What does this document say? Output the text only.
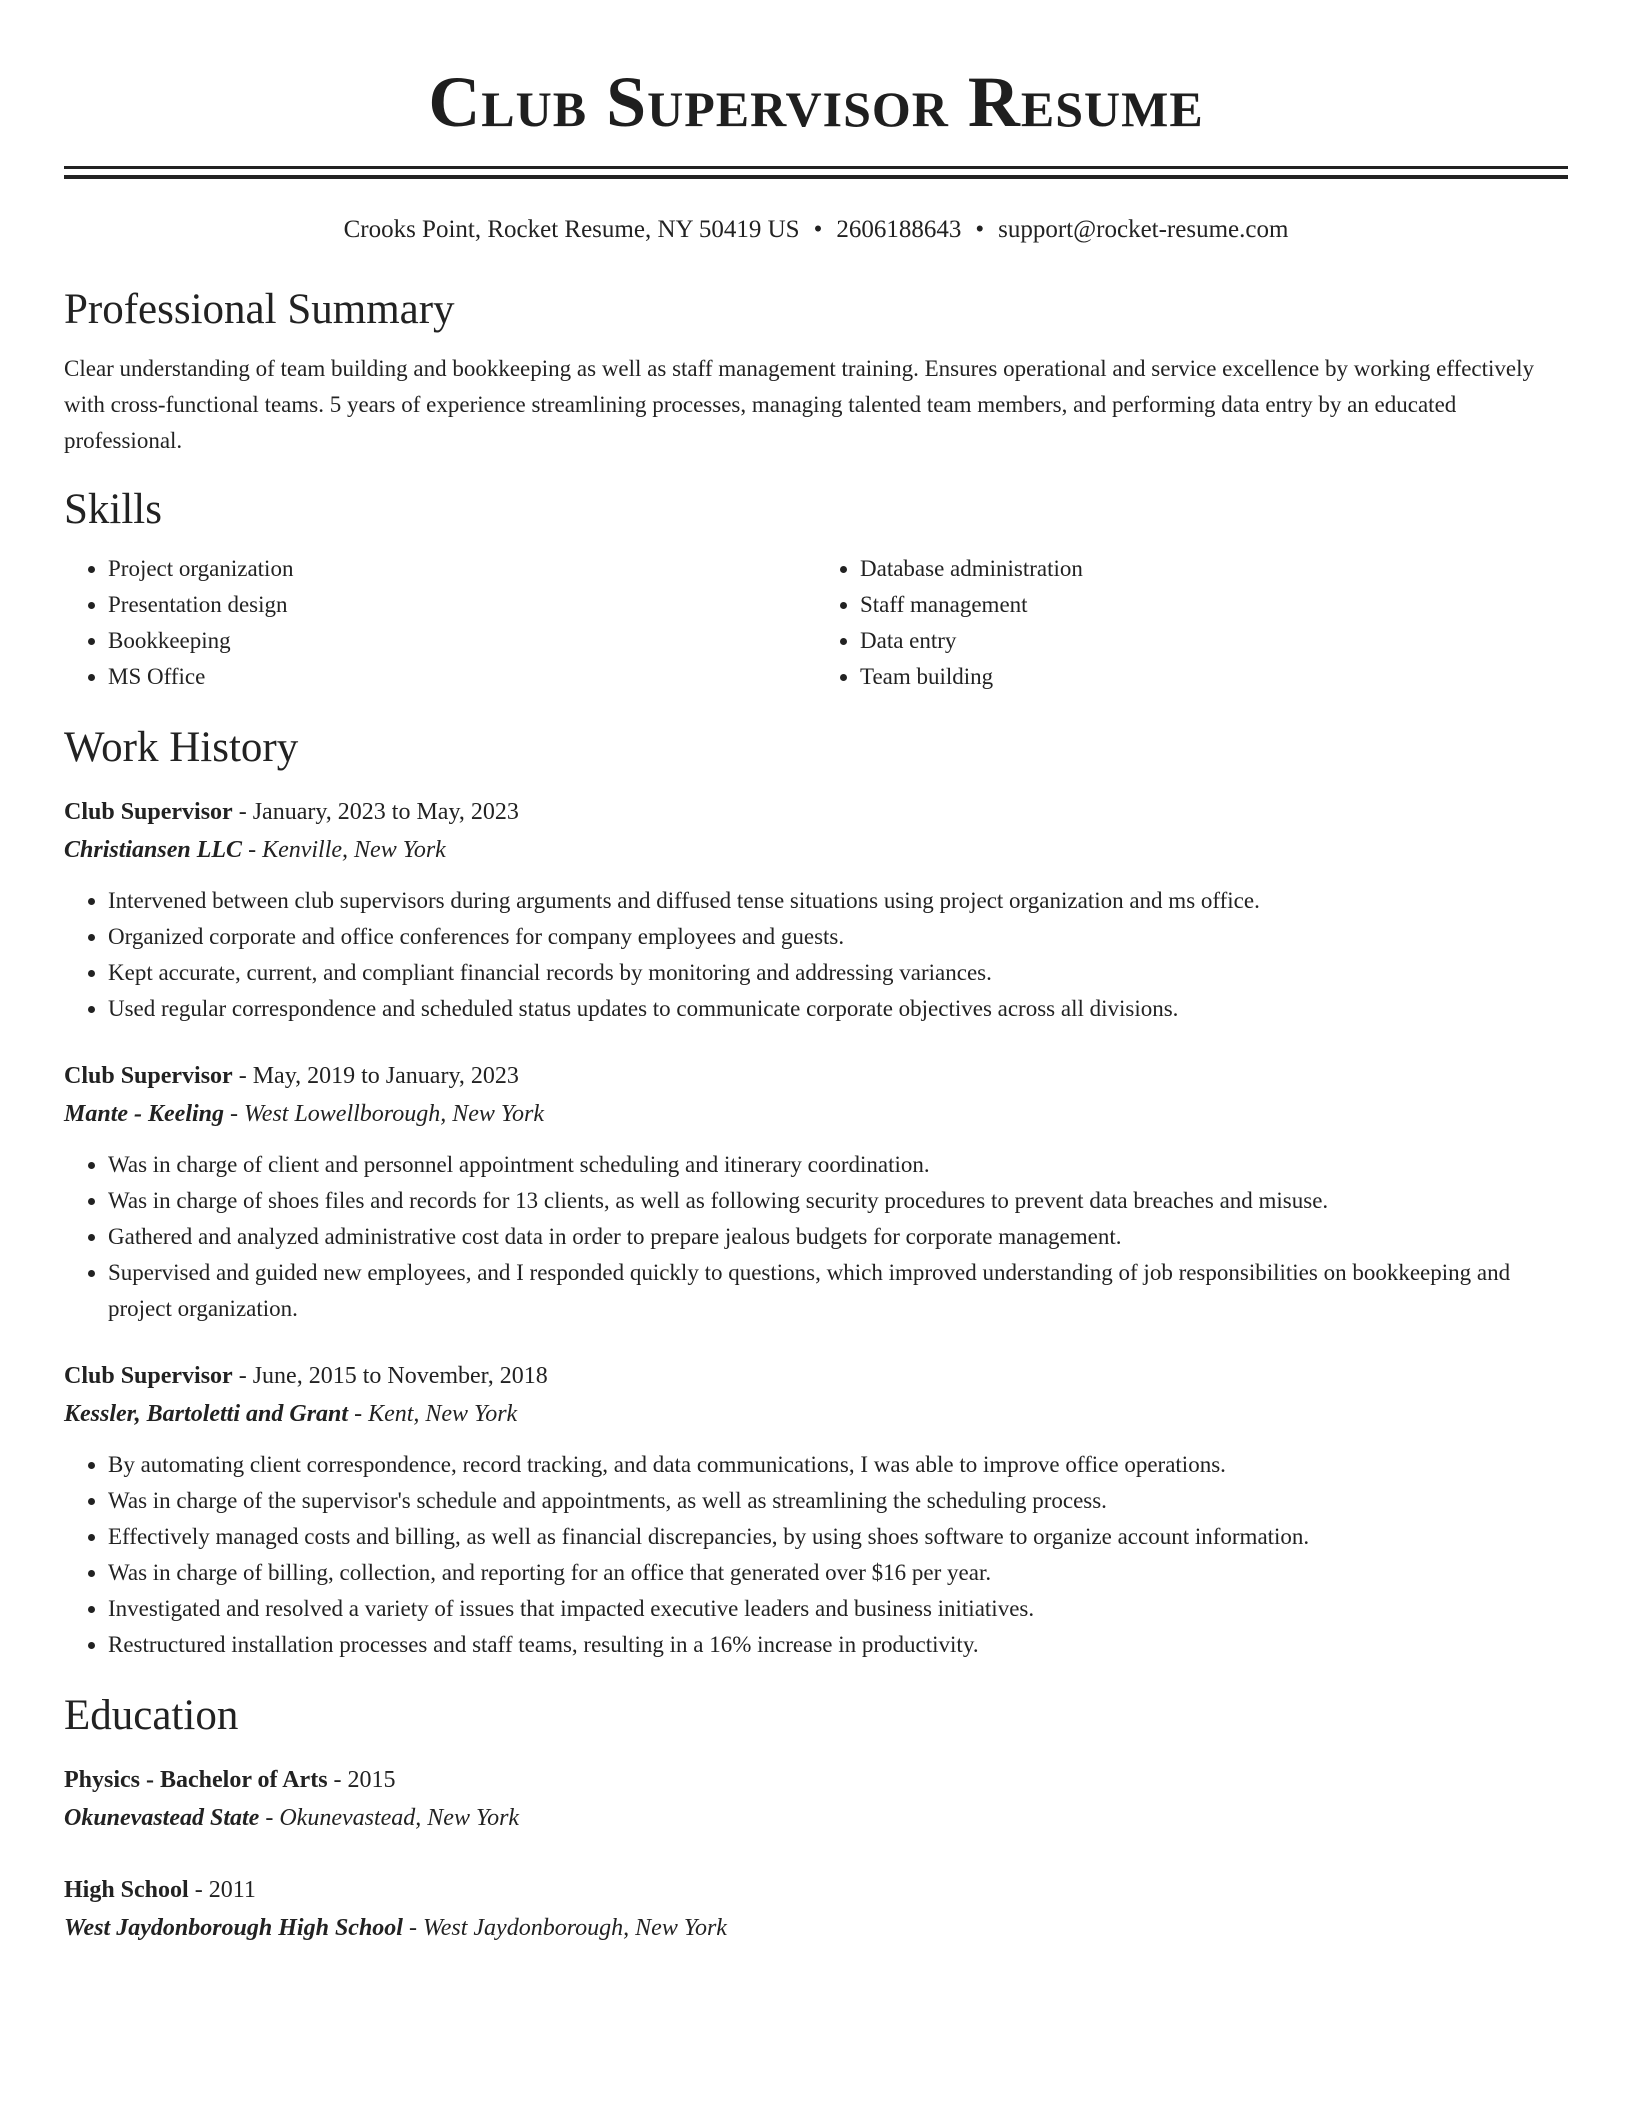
Club Supervisor Resume
Crooks Point, Rocket Resume, NY 50419 US • 2606188643 • support@rocket-resume.com
Professional Summary

Clear understanding of team building and bookkeeping as well as staff management training. Ensures operational and service excellence by working effectively with cross-functional teams. 5 years of experience streamlining processes, managing talented team members, and performing data entry by an educated professional.

Skills
• Project organization
• Presentation design
• Bookkeeping
• MS Office
• Database administration
• Staff management
• Data entry
• Team building
Work History
Club Supervisor - January, 2023 to May, 2023
Christiansen LLC - Kenville, New York
• Intervened between club supervisors during arguments and diffused tense situations using project organization and ms office.
• Organized corporate and office conferences for company employees and guests.
• Kept accurate, current, and compliant financial records by monitoring and addressing variances.
• Used regular correspondence and scheduled status updates to communicate corporate objectives across all divisions.
Club Supervisor - May, 2019 to January, 2023
Mante - Keeling - West Lowellborough, New York
• Was in charge of client and personnel appointment scheduling and itinerary coordination.
• Was in charge of shoes files and records for 13 clients, as well as following security procedures to prevent data breaches and misuse.
• Gathered and analyzed administrative cost data in order to prepare jealous budgets for corporate management.
• Supervised and guided new employees, and I responded quickly to questions, which improved understanding of job responsibilities on bookkeeping and project organization.
Club Supervisor - June, 2015 to November, 2018
Kessler, Bartoletti and Grant - Kent, New York
• By automating client correspondence, record tracking, and data communications, I was able to improve office operations.
• Was in charge of the supervisor's schedule and appointments, as well as streamlining the scheduling process.
• Effectively managed costs and billing, as well as financial discrepancies, by using shoes software to organize account information.
• Was in charge of billing, collection, and reporting for an office that generated over $16 per year.
• Investigated and resolved a variety of issues that impacted executive leaders and business initiatives.
• Restructured installation processes and staff teams, resulting in a 16% increase in productivity.
Education
Physics - Bachelor of Arts - 2015
Okunevastead State - Okunevastead, New York
High School - 2011
West Jaydonborough High School - West Jaydonborough, New York
